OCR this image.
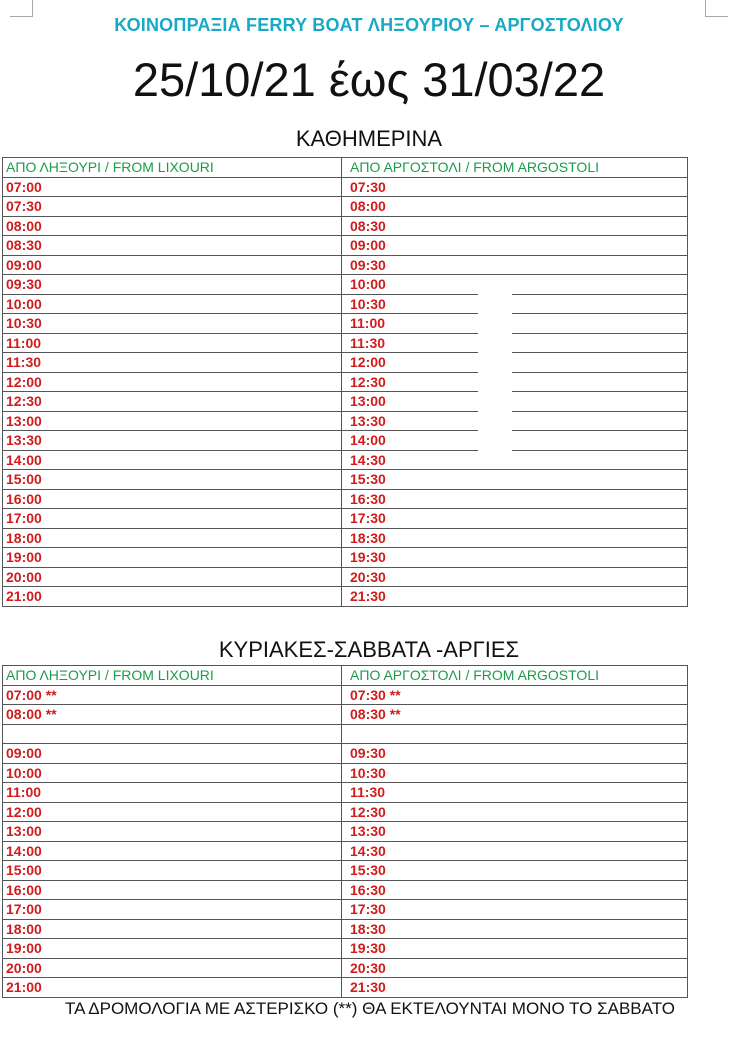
ΚΟΙΝΟΠΡΑΞΙΑ FERRY BOAT ΛΗΞΟΥΡΙΟΥ – ΑΡΓΟΣΤΟΛΙΟΥ
25/10/21 έως 31/03/22
ΚΑΘΗΜΕΡΙΝΑ
ΑΠΟ ΛΗΞΟΥΡΙ / FROM LIXOURI	ΑΠΟ ΑΡΓΟΣΤΟΛΙ / FROM ARGOSTOLI
07:00	07:30
07:30	08:00
08:00	08:30
08:30	09:00
09:00	09:30
09:30	10:00
10:00	10:30
10:30	11:00
11:00	11:30
11:30	12:00
12:00	12:30
12:30	13:00
13:00	13:30
13:30	14:00
14:00	14:30
15:00	15:30
16:00	16:30
17:00	17:30
18:00	18:30
19:00	19:30
20:00	20:30
21:00	21:30
ΚΥΡΙΑΚΕΣ-ΣΑΒΒΑΤΑ -ΑΡΓΙΕΣ
ΑΠΟ ΛΗΞΟΥΡΙ / FROM LIXOURI	ΑΠΟ ΑΡΓΟΣΤΟΛΙ / FROM ARGOSTOLI
07:00 **	07:30 **
08:00 **	08:30 **

09:00	09:30
10:00	10:30
11:00	11:30
12:00	12:30
13:00	13:30
14:00	14:30
15:00	15:30
16:00	16:30
17:00	17:30
18:00	18:30
19:00	19:30
20:00	20:30
21:00	21:30
ΤΑ ΔΡΟΜΟΛΟΓΙΑ ΜΕ ΑΣΤΕΡΙΣΚΟ (**) ΘΑ ΕΚΤΕΛΟΥΝΤΑΙ ΜΟΝΟ ΤΟ ΣΑΒΒΑΤΟ
